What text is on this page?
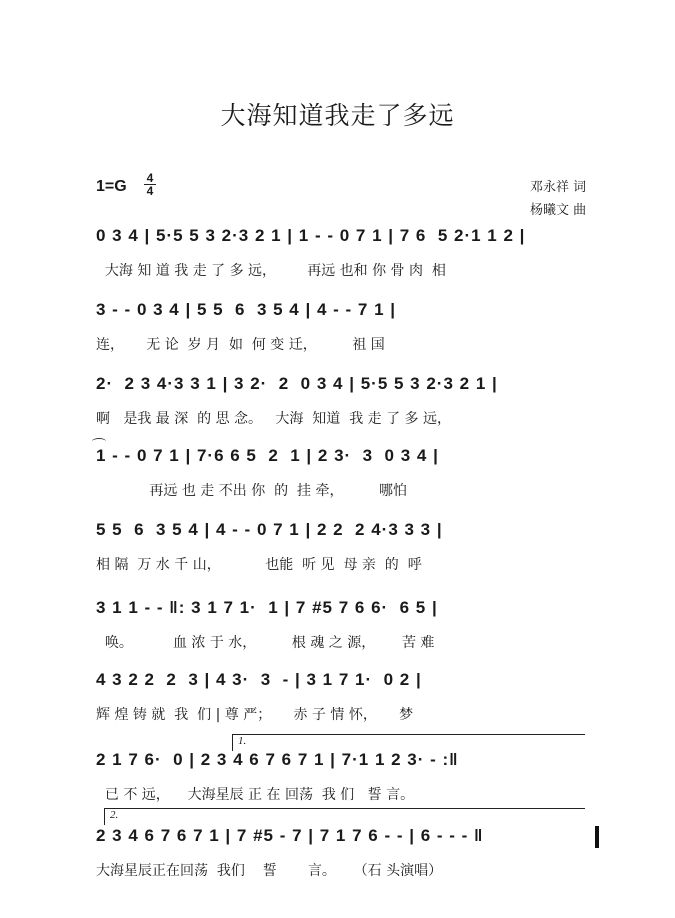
大海知道我走了多远
1=G 4
4	邓永祥 词
杨曦文 曲
0 3 4 | 5·5 5 3 2·3 2 1 | 1 - - 0 7 1 | 7 6  5 2·1 1 2 |
大海 知 道 我 走 了 多 远，       再远 也和 你 骨 肉  相
3 - - 0 3 4 | 5 5  6  3 5 4 | 4 - - 7 1 |
连，     无 论  岁 月  如  何 变 迁，        祖 国
2·  2 3 4·3 3 1 | 3 2·  2  0 3 4 | 5·5 5 3 2·3 2 1 |
啊   是我 最 深  的 思 念。   大海  知道  我 走 了 多 远，
1 - - 0 7 1 | 7·6 6 5  2  1 | 2 3·  3  0 3 4 |
再远 也 走 不出 你  的  挂 牵，        哪怕
5 5  6  3 5 4 | 4 - - 0 7 1 | 2 2  2 4·3 3 3 |
相 隔  万 水 千 山，          也能  听 见  母 亲  的  呼
3 1 1 - - ‖: 3 1 7 1·  1 | 7 #5 7 6 6·  6 5 |
唤。         血 浓 于 水，        根 魂 之 源，      苦 难
4 3 2 2  2  3 | 4 3·  3  - | 3 1 7 1·  0 2 |
辉 煌 铸 就  我  们 | 尊 严；     赤 子 情 怀，     梦
1.
2 1 7 6·  0 | 2 3 4 6 7 6 7 1 | 7·1 1 2 3· - :‖
已 不 远，    大海星辰 正 在 回荡  我 们   誓 言。
2.
2 3 4 6 7 6 7 1 | 7 #5 - 7 | 7 1 7 6 - - | 6 - - - ‖
大海星辰正在回荡  我们    誓       言。    （石 头演唱）
